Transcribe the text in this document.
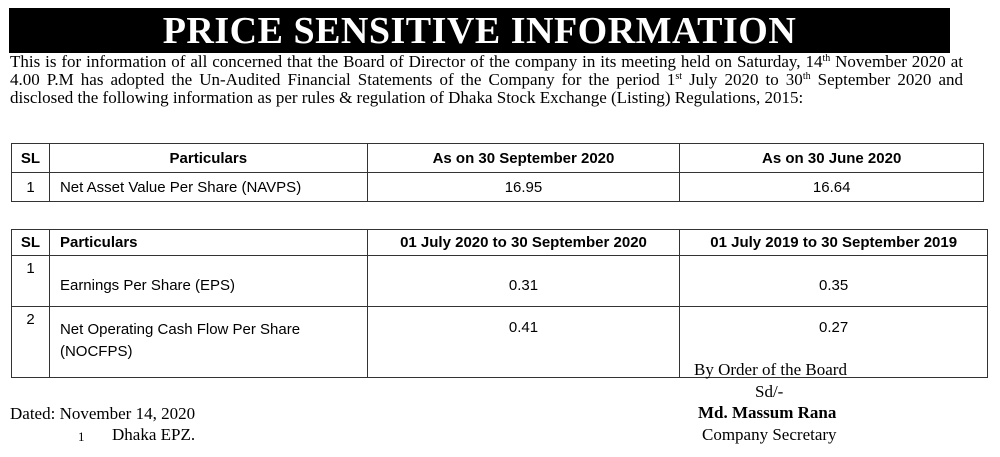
PRICE SENSITIVE INFORMATION
This is for information of all concerned that the Board of Director of the company in its meeting held on Saturday, 14th November 2020 at 4.00 P.M has adopted the Un-Audited Financial Statements of the Company for the period 1st July 2020 to 30th September 2020 and disclosed the following information as per rules & regulation of Dhaka Stock Exchange (Listing) Regulations, 2015:
SL	Particulars	As on 30 September 2020	As on 30 June 2020
1	Net Asset Value Per Share (NAVPS)	16.95	16.64
SL	Particulars	01 July 2020 to 30 September 2020	01 July 2019 to 30 September 2019
1	Earnings Per Share (EPS)	0.31	0.35
2	Net Operating Cash Flow Per Share (NOCFPS)	0.41	0.27
By Order of the Board
Sd/-
Md. Massum Rana
Company Secretary
Dated: November 14, 2020
1 Dhaka EPZ.
